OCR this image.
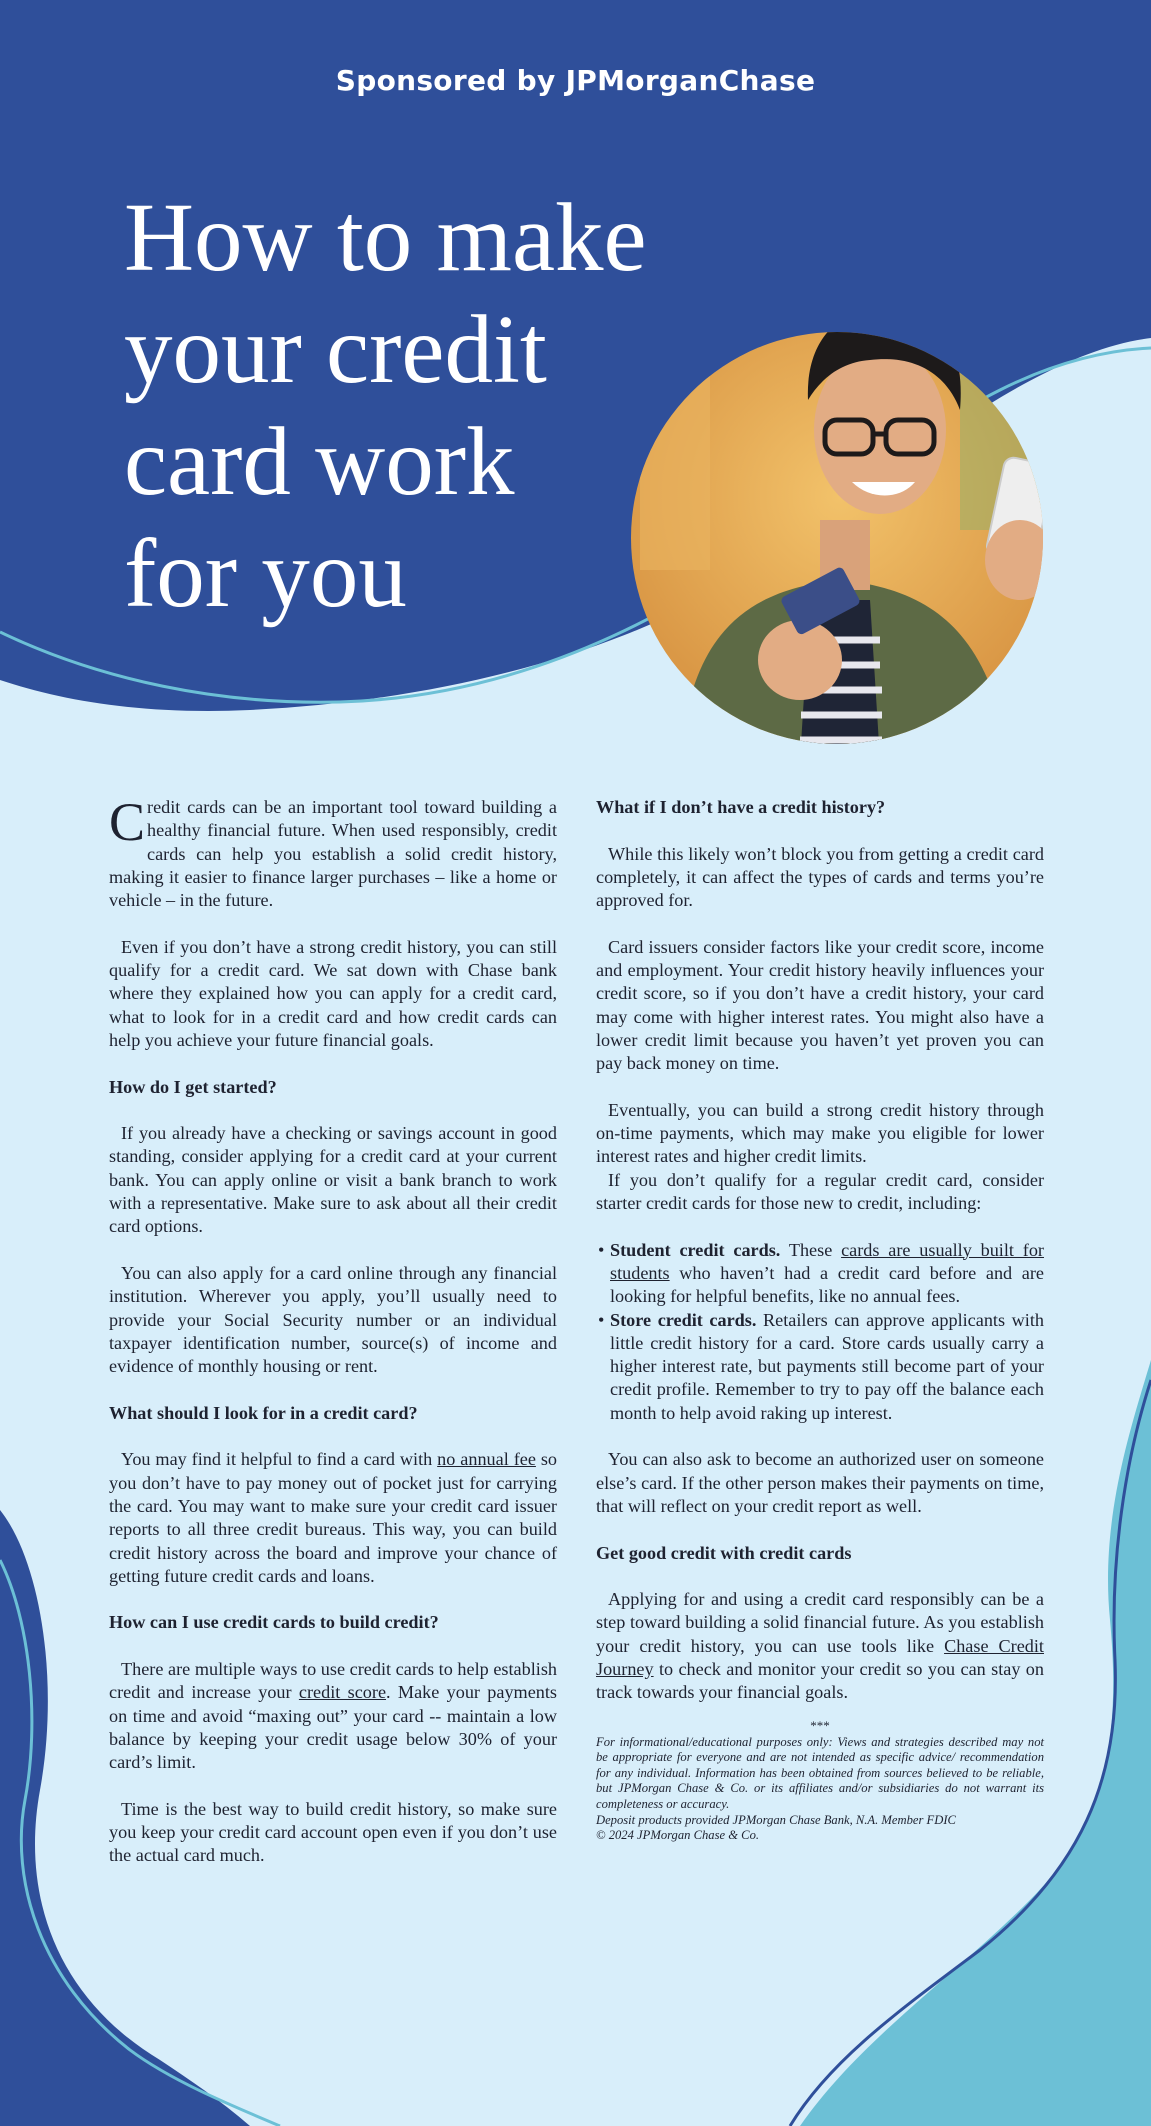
Sponsored by JPMorganChase
How to make
your credit
card work
for you

Credit cards can be an important tool toward building a healthy financial future. When used responsibly, credit cards can help you establish a solid credit history, making it easier to finance larger purchases – like a home or vehicle – in the future.

Even if you don’t have a strong credit history, you can still qualify for a credit card. We sat down with Chase bank where they explained how you can apply for a credit card, what to look for in a credit card and how credit cards can help you achieve your future financial goals.

How do I get started?

If you already have a checking or savings account in good standing, consider applying for a credit card at your current bank. You can apply online or visit a bank branch to work with a representative. Make sure to ask about all their credit card options.

You can also apply for a card online through any financial institution. Wherever you apply, you’ll usually need to provide your Social Security number or an individual taxpayer identification number, source(s) of income and evidence of monthly housing or rent.

What should I look for in a credit card?

You may find it helpful to find a card with no annual fee so you don’t have to pay money out of pocket just for carrying the card. You may want to make sure your credit card issuer reports to all three credit bureaus. This way, you can build credit history across the board and improve your chance of getting future credit cards and loans.

How can I use credit cards to build credit?

There are multiple ways to use credit cards to help establish credit and increase your credit score. Make your payments on time and avoid “maxing out” your card -- maintain a low balance by keeping your credit usage below 30% of your card’s limit.

Time is the best way to build credit history, so make sure you keep your credit card account open even if you don’t use the actual card much.

What if I don’t have a credit history?

While this likely won’t block you from getting a credit card completely, it can affect the types of cards and terms you’re approved for.

Card issuers consider factors like your credit score, income and employment. Your credit history heavily influences your credit score, so if you don’t have a credit history, your card may come with higher interest rates. You might also have a lower credit limit because you haven’t yet proven you can pay back money on time.

Eventually, you can build a strong credit history through on-time payments, which may make you eligible for lower interest rates and higher credit limits.

If you don’t qualify for a regular credit card, consider starter credit cards for those new to credit, including:

• Student credit cards. These cards are usually built for students who haven’t had a credit card before and are looking for helpful benefits, like no annual fees.

• Store credit cards. Retailers can approve applicants with little credit history for a card. Store cards usually carry a higher interest rate, but payments still become part of your credit profile. Remember to try to pay off the balance each month to help avoid raking up interest.

You can also ask to become an authorized user on someone else’s card. If the other person makes their payments on time, that will reflect on your credit report as well.

Get good credit with credit cards

Applying for and using a credit card responsibly can be a step toward building a solid financial future. As you establish your credit history, you can use tools like Chase Credit Journey to check and monitor your credit so you can stay on track towards your financial goals.

***

For informational/educational purposes only: Views and strategies described may not be appropriate for everyone and are not intended as specific advice/ recommendation for any individual. Information has been obtained from sources believed to be reliable, but JPMorgan Chase & Co. or its affiliates and/or subsidiaries do not warrant its completeness or accuracy.
Deposit products provided JPMorgan Chase Bank, N.A. Member FDIC
© 2024 JPMorgan Chase & Co.
